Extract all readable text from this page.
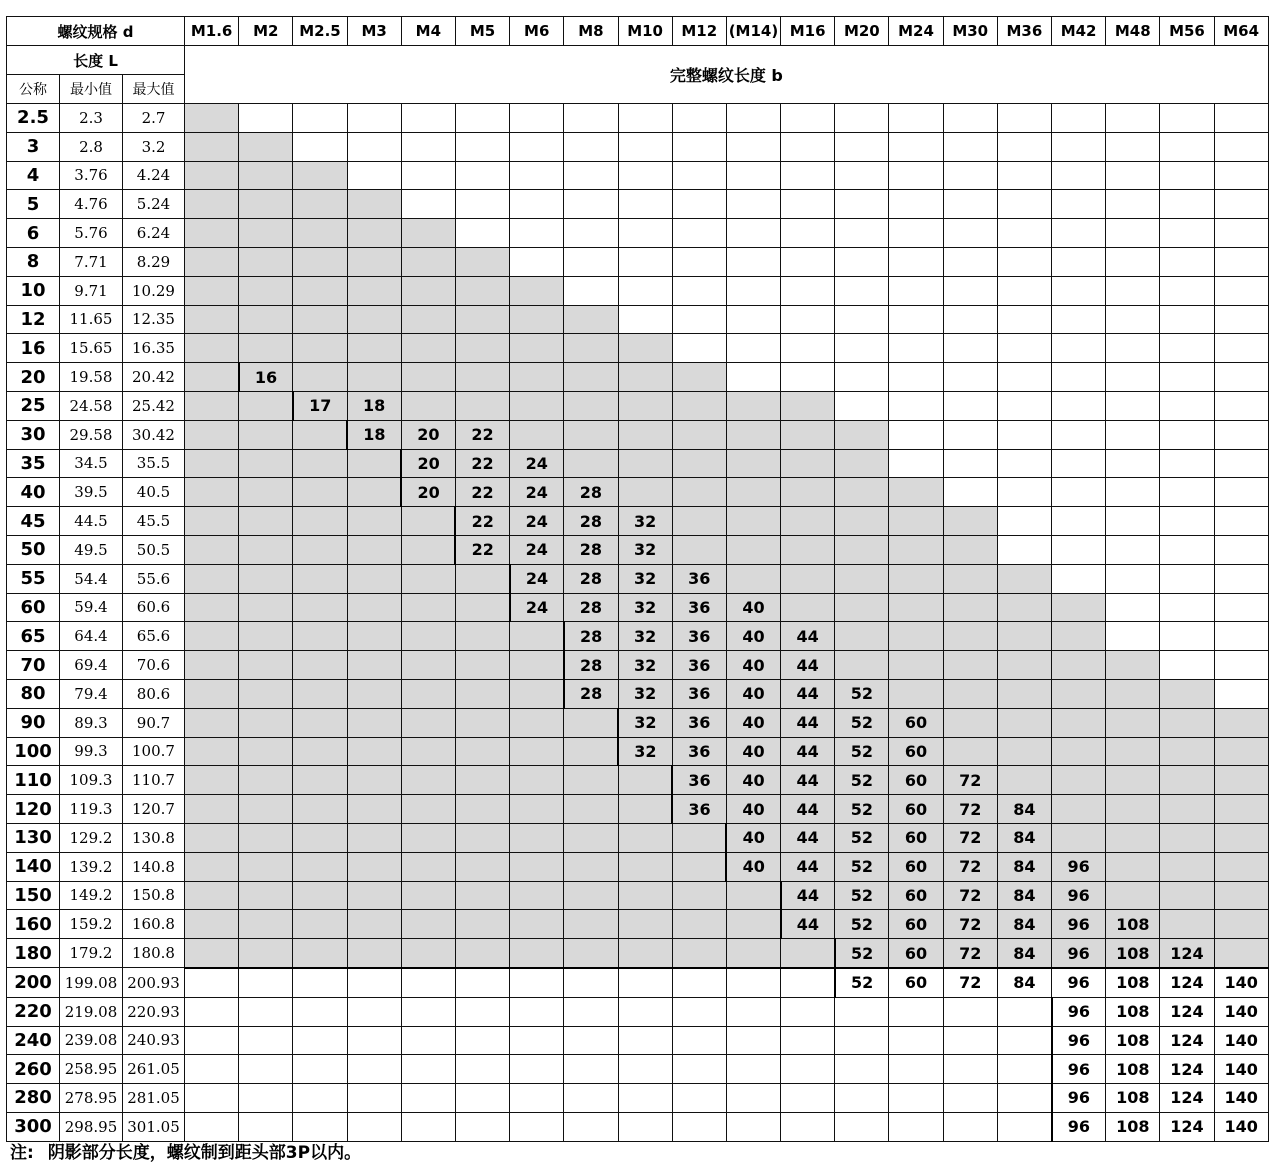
螺纹规格 d			M1.6	M2	M2.5	M3	M4	M5	M6	M8	M10	M12	(M14)	M16	M20	M24	M30	M36	M42	M48	M56	M64
长度 L			完整螺纹长度 b																			
公称	最小值	最大值																				
2.5	2.3	2.7																				
3	2.8	3.2																				
4	3.76	4.24																				
5	4.76	5.24																				
6	5.76	6.24																				
8	7.71	8.29																				
10	9.71	10.29																				
12	11.65	12.35																				
16	15.65	16.35																				
20	19.58	20.42		16																		
25	24.58	25.42			17	18																
30	29.58	30.42				18	20	22														
35	34.5	35.5					20	22	24													
40	39.5	40.5					20	22	24	28												
45	44.5	45.5						22	24	28	32											
50	49.5	50.5						22	24	28	32											
55	54.4	55.6							24	28	32	36										
60	59.4	60.6							24	28	32	36	40									
65	64.4	65.6								28	32	36	40	44								
70	69.4	70.6								28	32	36	40	44								
80	79.4	80.6								28	32	36	40	44	52							
90	89.3	90.7									32	36	40	44	52	60						
100	99.3	100.7									32	36	40	44	52	60						
110	109.3	110.7										36	40	44	52	60	72					
120	119.3	120.7										36	40	44	52	60	72	84				
130	129.2	130.8											40	44	52	60	72	84				
140	139.2	140.8											40	44	52	60	72	84	96			
150	149.2	150.8												44	52	60	72	84	96			
160	159.2	160.8												44	52	60	72	84	96	108		
180	179.2	180.8													52	60	72	84	96	108	124	
200	199.08	200.93													52	60	72	84	96	108	124	140
220	219.08	220.93																	96	108	124	140
240	239.08	240.93																	96	108	124	140
260	258.95	261.05																	96	108	124	140
280	278.95	281.05																	96	108	124	140
300	298.95	301.05																	96	108	124	140
注: 阴影部分长度，螺纹制到距头部3P以内。
